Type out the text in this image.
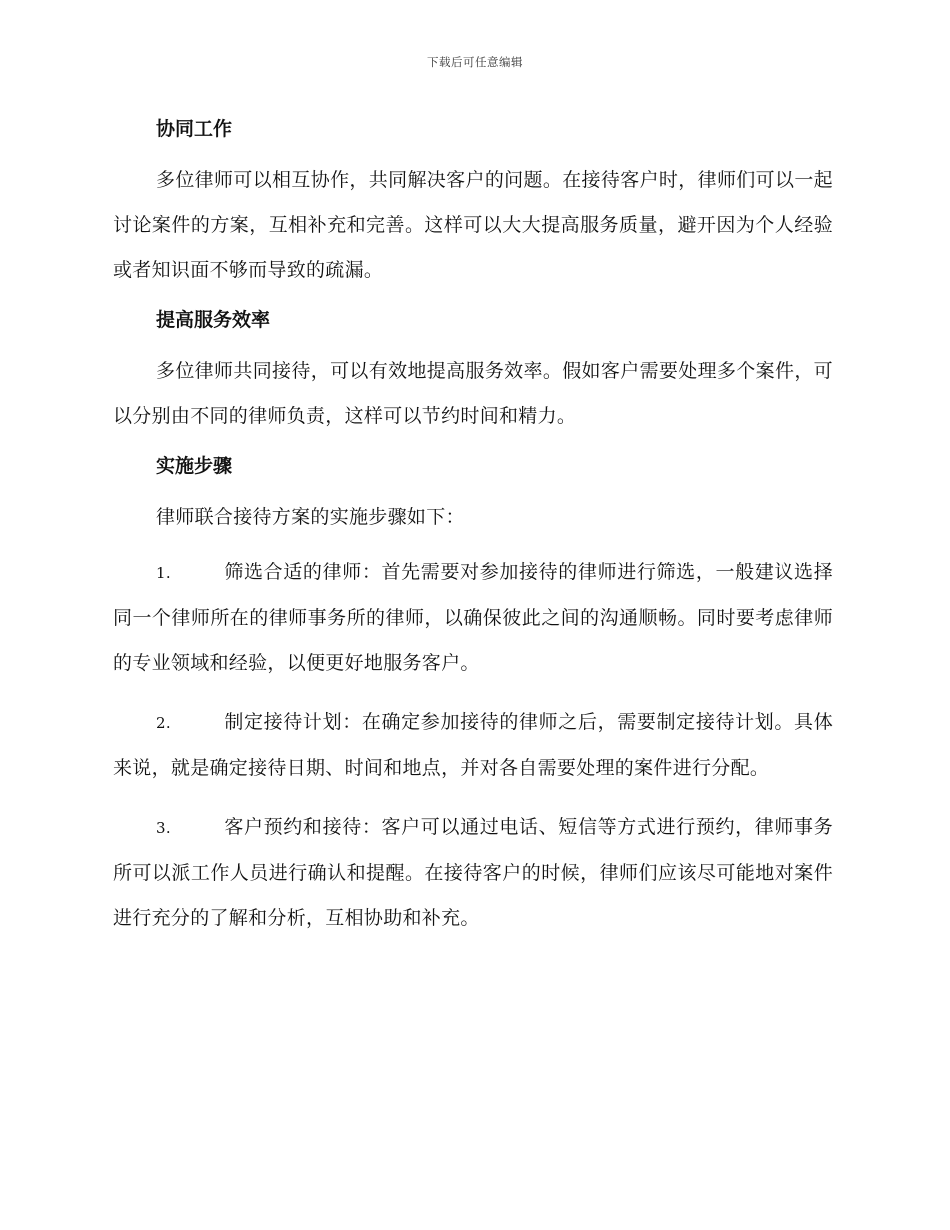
下载后可任意编辑
协同工作

多位律师可以相互协作，共同解决客户的问题。在接待客户时，律师们可以一起讨论案件的方案，互相补充和完善。这样可以大大提高服务质量，避开因为个人经验或者知识面不够而导致的疏漏。

提高服务效率

多位律师共同接待，可以有效地提高服务效率。假如客户需要处理多个案件，可以分别由不同的律师负责，这样可以节约时间和精力。

实施步骤

律师联合接待方案的实施步骤如下：

1.	筛选合适的律师：首先需要对参加接待的律师进行筛选，一般建议选择同一个律师所在的律师事务所的律师，以确保彼此之间的沟通顺畅。同时要考虑律师的专业领域和经验，以便更好地服务客户。

2.	制定接待计划：在确定参加接待的律师之后，需要制定接待计划。具体来说，就是确定接待日期、时间和地点，并对各自需要处理的案件进行分配。

3.	客户预约和接待：客户可以通过电话、短信等方式进行预约，律师事务所可以派工作人员进行确认和提醒。在接待客户的时候，律师们应该尽可能地对案件进行充分的了解和分析，互相协助和补充。
